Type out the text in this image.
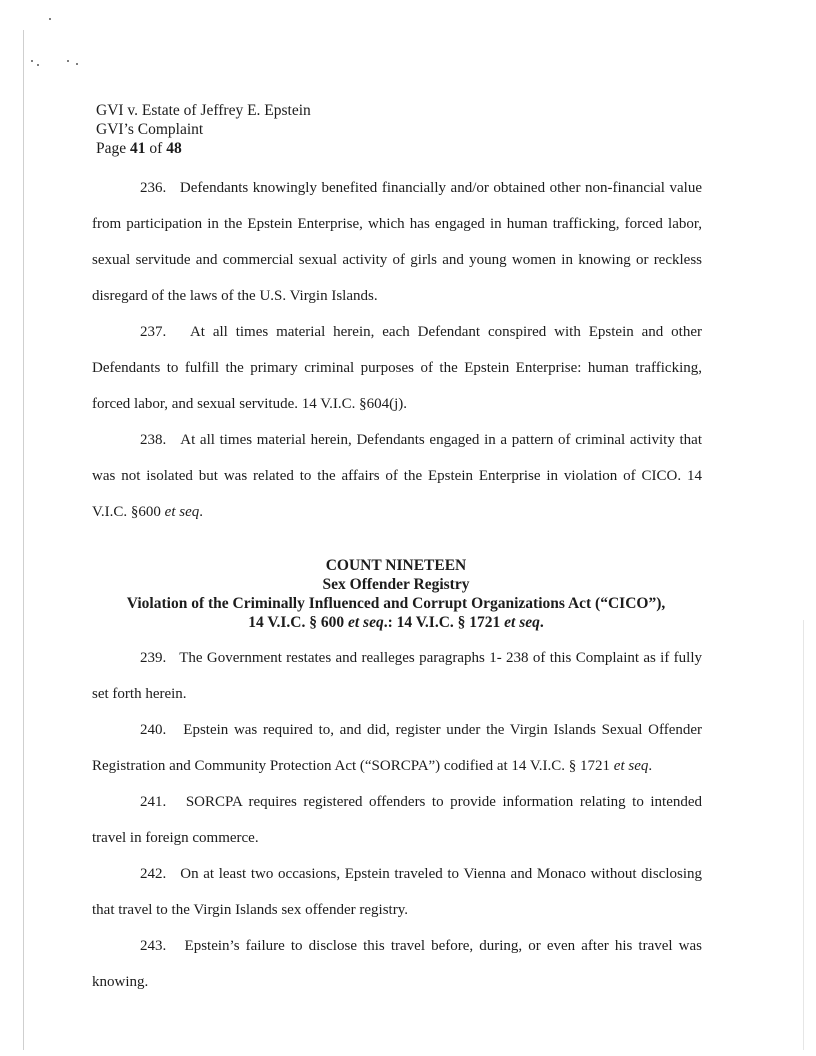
GVI v. Estate of Jeffrey E. Epstein
GVI’s Complaint
Page 41 of 48
236. Defendants knowingly benefited financially and/or obtained other non-financial value from participation in the Epstein Enterprise, which has engaged in human trafficking, forced labor, sexual servitude and commercial sexual activity of girls and young women in knowing or reckless disregard of the laws of the U.S. Virgin Islands.
237. At all times material herein, each Defendant conspired with Epstein and other Defendants to fulfill the primary criminal purposes of the Epstein Enterprise: human trafficking, forced labor, and sexual servitude. 14 V.I.C. §604(j).
238. At all times material herein, Defendants engaged in a pattern of criminal activity that was not isolated but was related to the affairs of the Epstein Enterprise in violation of CICO. 14 V.I.C. §600 et seq.
COUNT NINETEEN
Sex Offender Registry
Violation of the Criminally Influenced and Corrupt Organizations Act (“CICO”),
14 V.I.C. § 600 et seq.: 14 V.I.C. § 1721 et seq.
239. The Government restates and realleges paragraphs 1- 238 of this Complaint as if fully set forth herein.
240. Epstein was required to, and did, register under the Virgin Islands Sexual Offender Registration and Community Protection Act (“SORCPA”) codified at 14 V.I.C. § 1721 et seq.
241. SORCPA requires registered offenders to provide information relating to intended travel in foreign commerce.
242. On at least two occasions, Epstein traveled to Vienna and Monaco without disclosing that travel to the Virgin Islands sex offender registry.
243. Epstein’s failure to disclose this travel before, during, or even after his travel was knowing.
